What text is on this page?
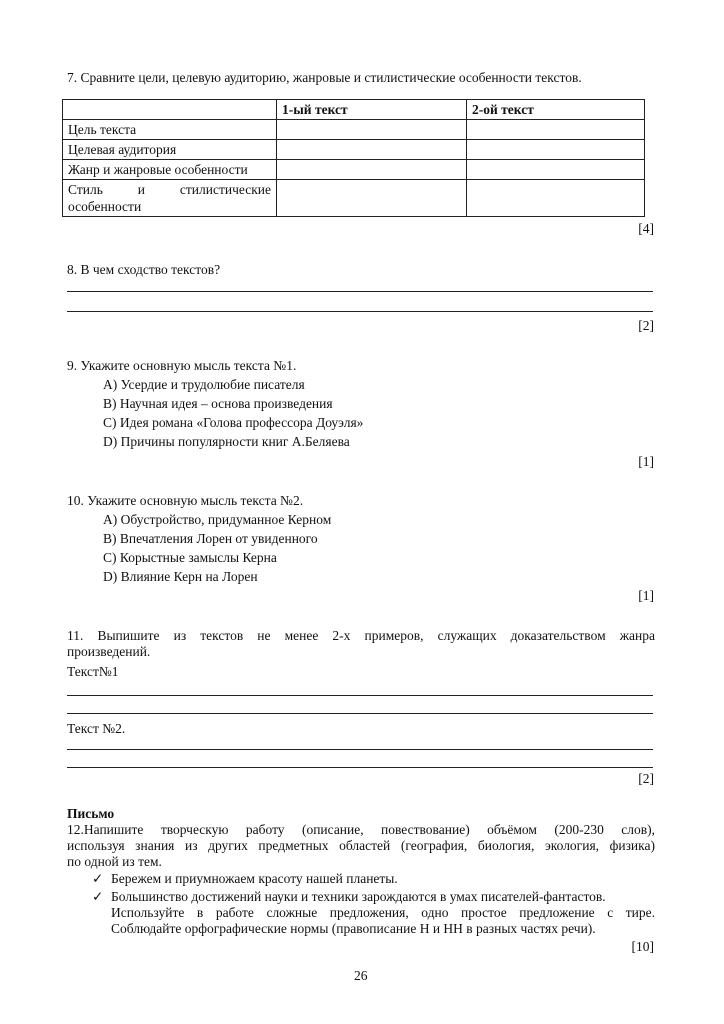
7. Сравните цели, целевую аудиторию, жанровые и стилистические особенности текстов.
	1-ый текст	2-ой текст
Цель текста		
Целевая аудитория		
Жанр и жанровые особенности		

Стиль и стилистические
особенности		

[4]
8. В чем сходство текстов?
[2]
9. Укажите основную мысль текста №1.
А) Усердие и трудолюбие писателя
В) Научная идея – основа произведения
С) Идея романа «Голова профессора Доуэля»
D) Причины популярности книг А.Беляева
[1]
10. Укажите основную мысль текста №2.
А) Обустройство, придуманное Керном
В) Впечатления Лорен от увиденного
С) Корыстные замыслы Керна
D) Влияние Керн на Лорен
[1]
11. Выпишите из текстов не менее 2-х примеров, служащих доказательством жанра
произведений.
Текст№1
Текст №2.
[2]
Письмо
12.Напишите творческую работу (описание, повествование) объёмом (200-230 слов),
используя знания из других предметных областей (география, биология, экология, физика)
по одной из тем.
✓ Бережем и приумножаем красоту нашей планеты.
✓ Большинство достижений науки и техники зарождаются в умах писателей-фантастов.
Используйте в работе сложные предложения, одно простое предложение с тире.
Соблюдайте орфографические нормы (правописание Н и НН в разных частях речи).
[10]
26
